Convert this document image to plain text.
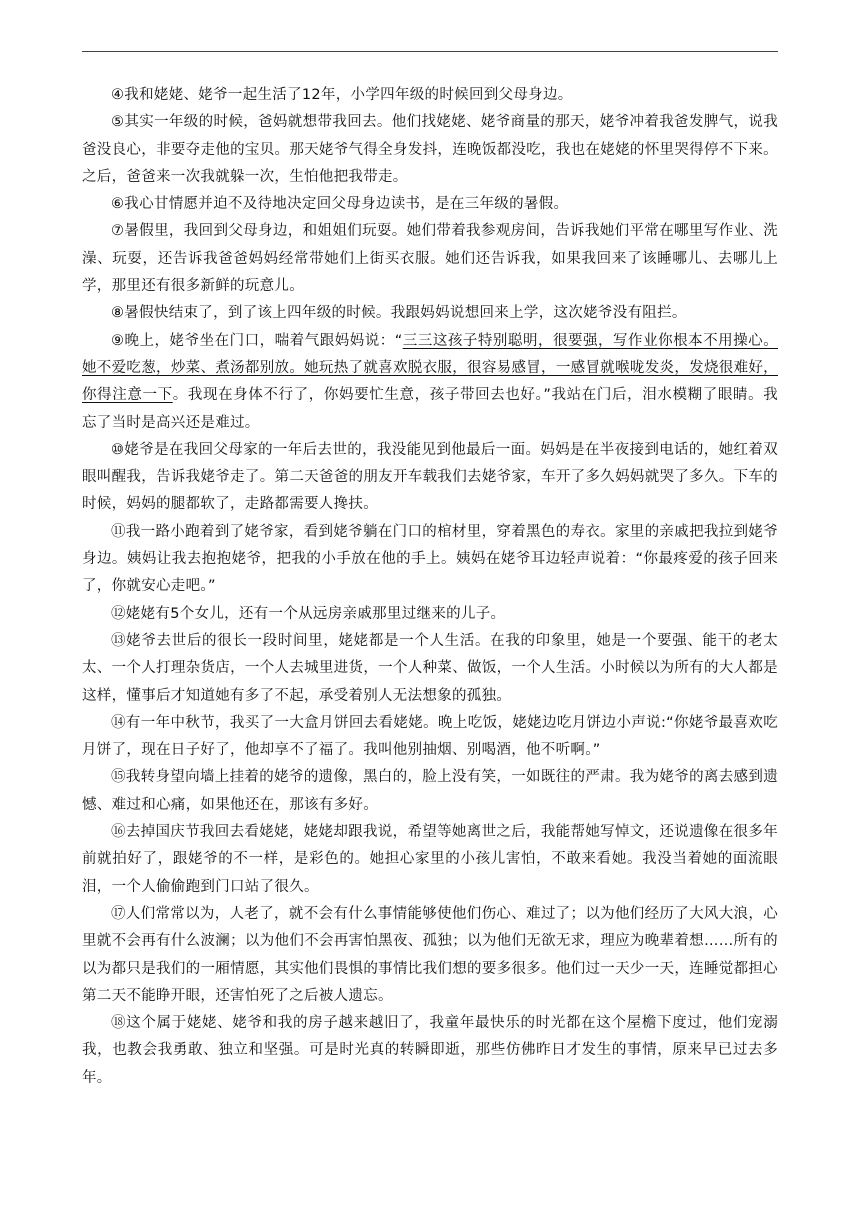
④我和姥姥、姥爷一起生活了12年，小学四年级的时候回到父母身边。

⑤其实一年级的时候，爸妈就想带我回去。他们找姥姥、姥爷商量的那天，姥爷冲着我爸发脾气，说我爸没良心，非要夺走他的宝贝。那天姥爷气得全身发抖，连晚饭都没吃，我也在姥姥的怀里哭得停不下来。之后，爸爸来一次我就躲一次，生怕他把我带走。

⑥我心甘情愿并迫不及待地决定回父母身边读书，是在三年级的暑假。

⑦暑假里，我回到父母身边，和姐姐们玩耍。她们带着我参观房间，告诉我她们平常在哪里写作业、洗澡、玩耍，还告诉我爸爸妈妈经常带她们上街买衣服。她们还告诉我，如果我回来了该睡哪儿、去哪儿上学，那里还有很多新鲜的玩意儿。

⑧暑假快结束了，到了该上四年级的时候。我跟妈妈说想回来上学，这次姥爷没有阻拦。

⑨晚上，姥爷坐在门口，喘着气跟妈妈说：“三三这孩子特别聪明，很要强，写作业你根本不用操心。她不爱吃葱，炒菜、煮汤都别放。她玩热了就喜欢脱衣服，很容易感冒，一感冒就喉咙发炎，发烧很难好，你得注意一下。我现在身体不行了，你妈要忙生意，孩子带回去也好。”我站在门后，泪水模糊了眼睛。我忘了当时是高兴还是难过。

⑩姥爷是在我回父母家的一年后去世的，我没能见到他最后一面。妈妈是在半夜接到电话的，她红着双眼叫醒我，告诉我姥爷走了。第二天爸爸的朋友开车载我们去姥爷家，车开了多久妈妈就哭了多久。下车的时候，妈妈的腿都软了，走路都需要人搀扶。

⑪我一路小跑着到了姥爷家，看到姥爷躺在门口的棺材里，穿着黑色的寿衣。家里的亲戚把我拉到姥爷身边。姨妈让我去抱抱姥爷，把我的小手放在他的手上。姨妈在姥爷耳边轻声说着：“你最疼爱的孩子回来了，你就安心走吧。”

⑫姥姥有5个女儿，还有一个从远房亲戚那里过继来的儿子。

⑬姥爷去世后的很长一段时间里，姥姥都是一个人生活。在我的印象里，她是一个要强、能干的老太太、一个人打理杂货店，一个人去城里进货，一个人种菜、做饭，一个人生活。小时候以为所有的大人都是这样，懂事后才知道她有多了不起，承受着别人无法想象的孤独。

⑭有一年中秋节，我买了一大盒月饼回去看姥姥。晚上吃饭，姥姥边吃月饼边小声说:“你姥爷最喜欢吃月饼了，现在日子好了，他却享不了福了。我叫他别抽烟、别喝酒，他不听啊。”

⑮我转身望向墙上挂着的姥爷的遗像，黑白的，脸上没有笑，一如既往的严肃。我为姥爷的离去感到遗憾、难过和心痛，如果他还在，那该有多好。

⑯去掉国庆节我回去看姥姥，姥姥却跟我说，希望等她离世之后，我能帮她写悼文，还说遗像在很多年前就拍好了，跟姥爷的不一样，是彩色的。她担心家里的小孩儿害怕，不敢来看她。我没当着她的面流眼泪，一个人偷偷跑到门口站了很久。

⑰人们常常以为，人老了，就不会有什么事情能够使他们伤心、难过了；以为他们经历了大风大浪，心里就不会再有什么波澜；以为他们不会再害怕黑夜、孤独；以为他们无欲无求，理应为晚辈着想……所有的以为都只是我们的一厢情愿，其实他们畏惧的事情比我们想的要多很多。他们过一天少一天，连睡觉都担心第二天不能睁开眼，还害怕死了之后被人遗忘。

⑱这个属于姥姥、姥爷和我的房子越来越旧了，我童年最快乐的时光都在这个屋檐下度过，他们宠溺我，也教会我勇敢、独立和坚强。可是时光真的转瞬即逝，那些仿佛昨日才发生的事情，原来早已过去多年。
